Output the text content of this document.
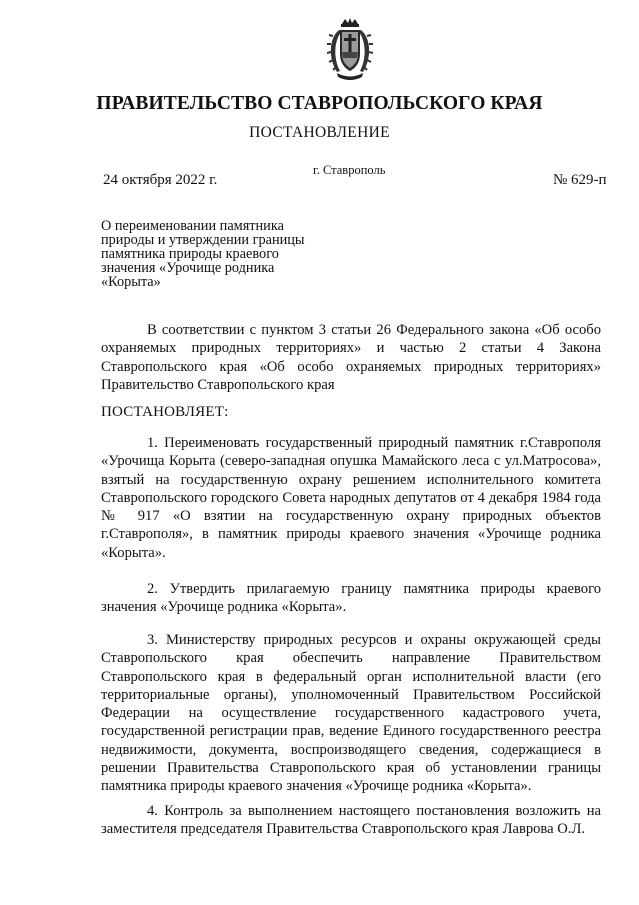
ПРАВИТЕЛЬСТВО СТАВРОПОЛЬСКОГО КРАЯ
ПОСТАНОВЛЕНИЕ
г. Ставрополь
24 октября 2022 г.	№ 629-п
О переименовании памятника
природы и утверждении границы
памятника природы краевого
значения «Урочище родника
«Корыта»
В соответствии с пунктом 3 статьи 26 Федерального закона «Об особо охраняемых природных территориях» и частью 2 статьи 4 Закона Ставропольского края «Об особо охраняемых природных территориях» Правительство Ставропольского края
ПОСТАНОВЛЯЕТ:
1. Переименовать государственный природный памятник г.Ставрополя «Урочища Корыта (северо-западная опушка Мамайского леса с ул.Матросова», взятый на государственную охрану решением исполнительного комитета Ставропольского городского Совета народных депутатов от 4 декабря 1984 года № 917 «О взятии на государственную охрану природных объектов г.Ставрополя», в памятник природы краевого значения «Урочище родника «Корыта».
2. Утвердить прилагаемую границу памятника природы краевого значения «Урочище родника «Корыта».
3. Министерству природных ресурсов и охраны окружающей среды Ставропольского края обеспечить направление Правительством Ставропольского края в федеральный орган исполнительной власти (его территориальные органы), уполномоченный Правительством Российской Федерации на осуществление государственного кадастрового учета, государственной регистрации прав, ведение Единого государственного реестра недвижимости, документа, воспроизводящего сведения, содержащиеся в решении Правительства Ставропольского края об установлении границы памятника природы краевого значения «Урочище родника «Корыта».
4. Контроль за выполнением настоящего постановления возложить на заместителя председателя Правительства Ставропольского края Лаврова О.Л.
